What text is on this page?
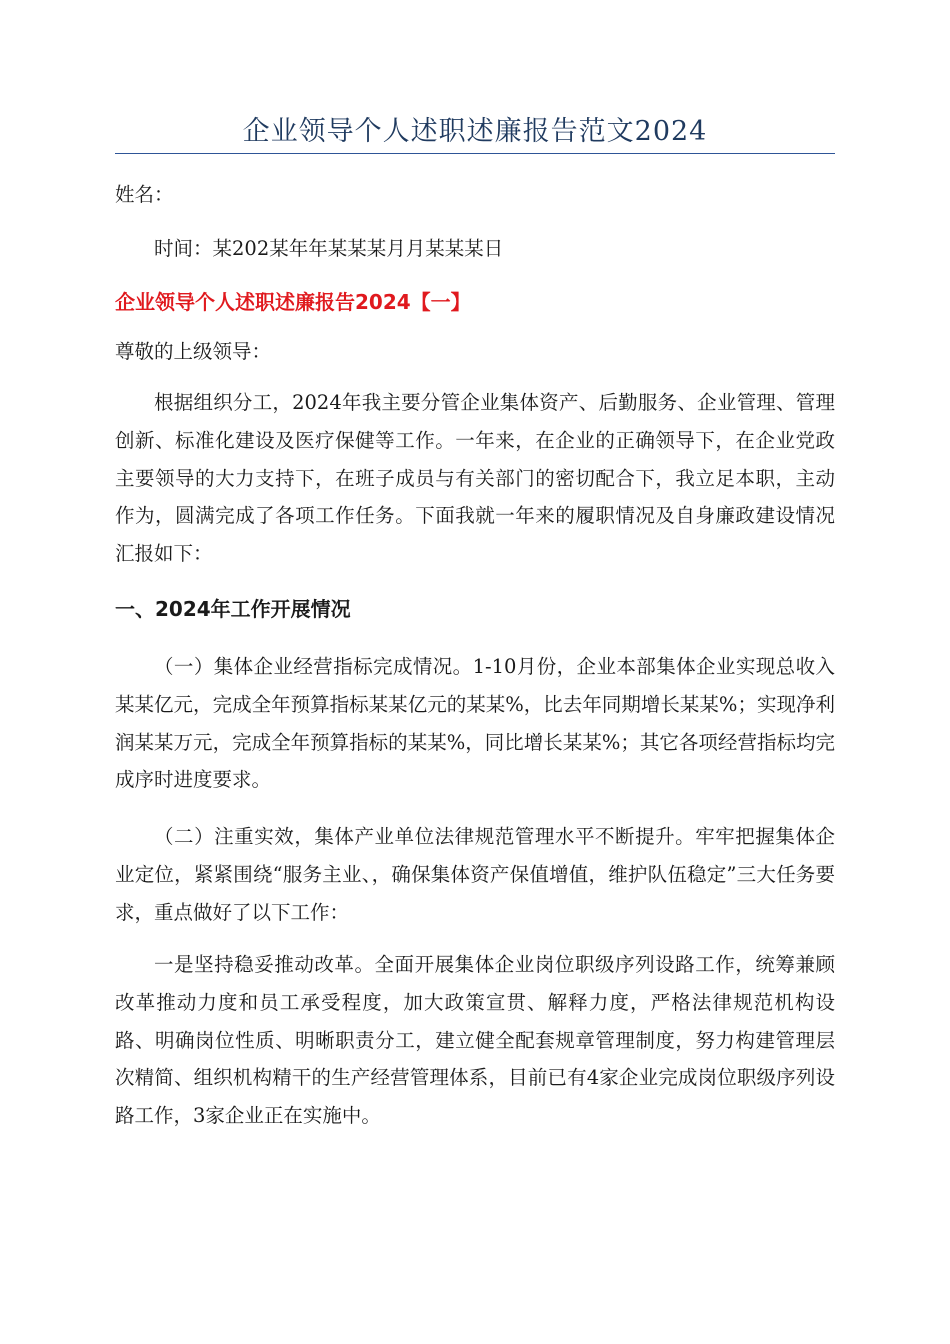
企业领导个人述职述廉报告范文2024
姓名：
时间：某202某年年某某某月月某某某日
企业领导个人述职述廉报告2024【一】
尊敬的上级领导：
根据组织分工，2024年我主要分管企业集体资产、后勤服务、企业管理、管理创新、标准化建设及医疗保健等工作。一年来，在企业的正确领导下，在企业党政主要领导的大力支持下，在班子成员与有关部门的密切配合下，我立足本职，主动作为，圆满完成了各项工作任务。下面我就一年来的履职情况及自身廉政建设情况汇报如下：
一、2024年工作开展情况
（一）集体企业经营指标完成情况。1-10月份，企业本部集体企业实现总收入某某亿元，完成全年预算指标某某亿元的某某%，比去年同期增长某某%；实现净利润某某万元，完成全年预算指标的某某%，同比增长某某%；其它各项经营指标均完成序时进度要求。
（二）注重实效，集体产业单位法律规范管理水平不断提升。牢牢把握集体企业定位，紧紧围绕“服务主业、，确保集体资产保值增值，维护队伍稳定”三大任务要求，重点做好了以下工作：
一是坚持稳妥推动改革。全面开展集体企业岗位职级序列设路工作，统筹兼顾改革推动力度和员工承受程度，加大政策宣贯、解释力度，严格法律规范机构设路、明确岗位性质、明晰职责分工，建立健全配套规章管理制度，努力构建管理层次精简、组织机构精干的生产经营管理体系，目前已有4家企业完成岗位职级序列设路工作，3家企业正在实施中。
